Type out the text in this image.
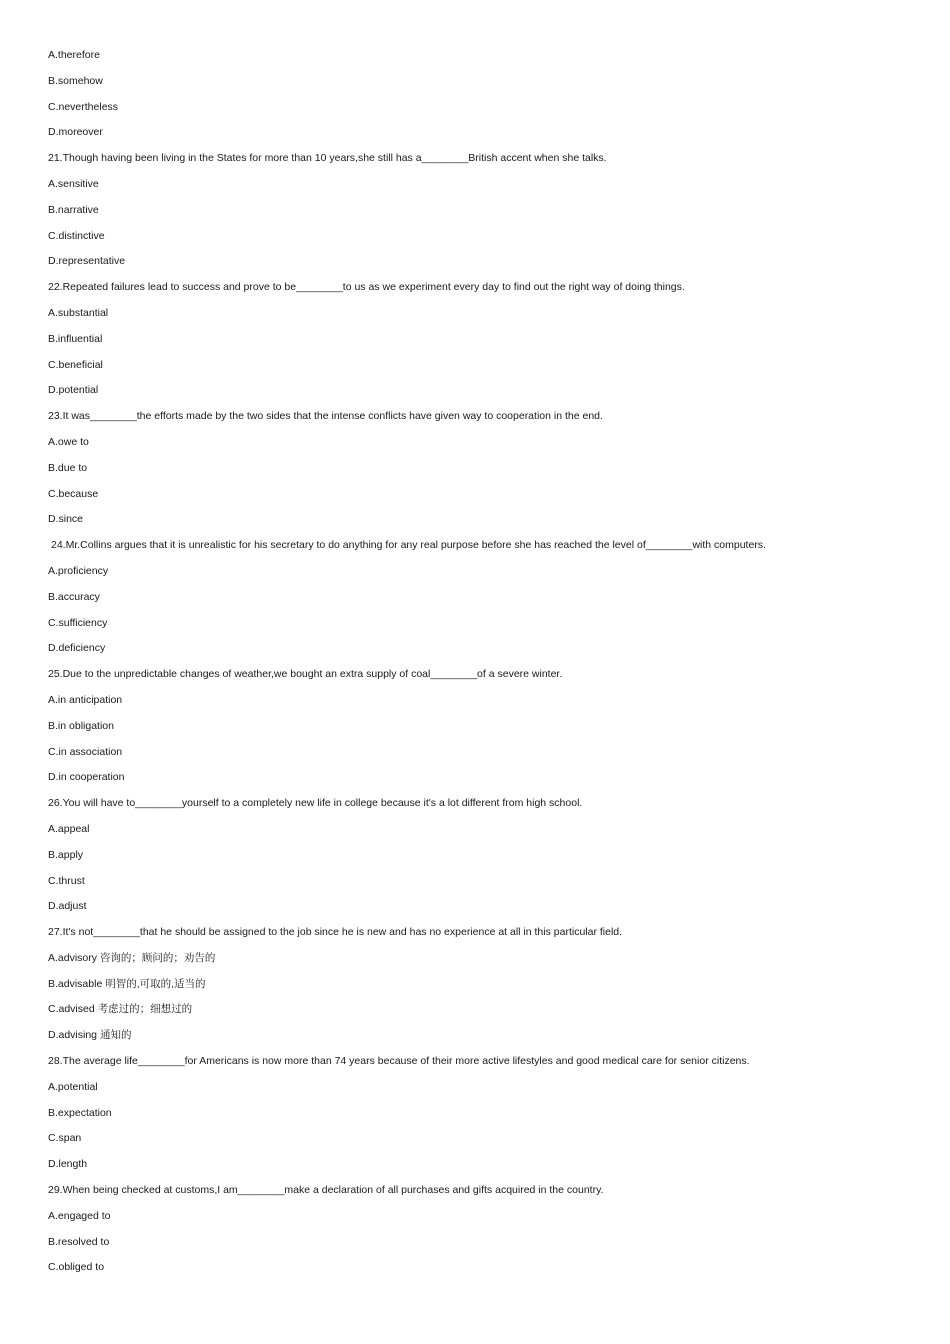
A.therefore
B.somehow
C.nevertheless
D.moreover
21.Though having been living in the States for more than 10 years,she still has a________British accent when she talks.
A.sensitive
B.narrative
C.distinctive
D.representative
22.Repeated failures lead to success and prove to be________to us as we experiment every day to find out the right way of doing things.
A.substantial
B.influential
C.beneficial
D.potential
23.It was________the efforts made by the two sides that the intense conflicts have given way to cooperation in the end.
A.owe to
B.due to
C.because
D.since
24.Mr.Collins argues that it is unrealistic for his secretary to do anything for any real purpose before she has reached the level of________with computers.
A.proficiency
B.accuracy
C.sufficiency
D.deficiency
25.Due to the unpredictable changes of weather,we bought an extra supply of coal________of a severe winter.
A.in anticipation
B.in obligation
C.in association
D.in cooperation
26.You will have to________yourself to a completely new life in college because it's a lot different from high school.
A.appeal
B.apply
C.thrust
D.adjust
27.It's not________that he should be assigned to the job since he is new and has no experience at all in this particular field.
A.advisory 咨询的；顾问的；劝告的
B.advisable 明智的,可取的,适当的
C.advised 考虑过的；细想过的
D.advising 通知的
28.The average life________for Americans is now more than 74 years because of their more active lifestyles and good medical care for senior citizens.
A.potential
B.expectation
C.span
D.length
29.When being checked at customs,I am________make a declaration of all purchases and gifts acquired in the country.
A.engaged to
B.resolved to
C.obliged to
